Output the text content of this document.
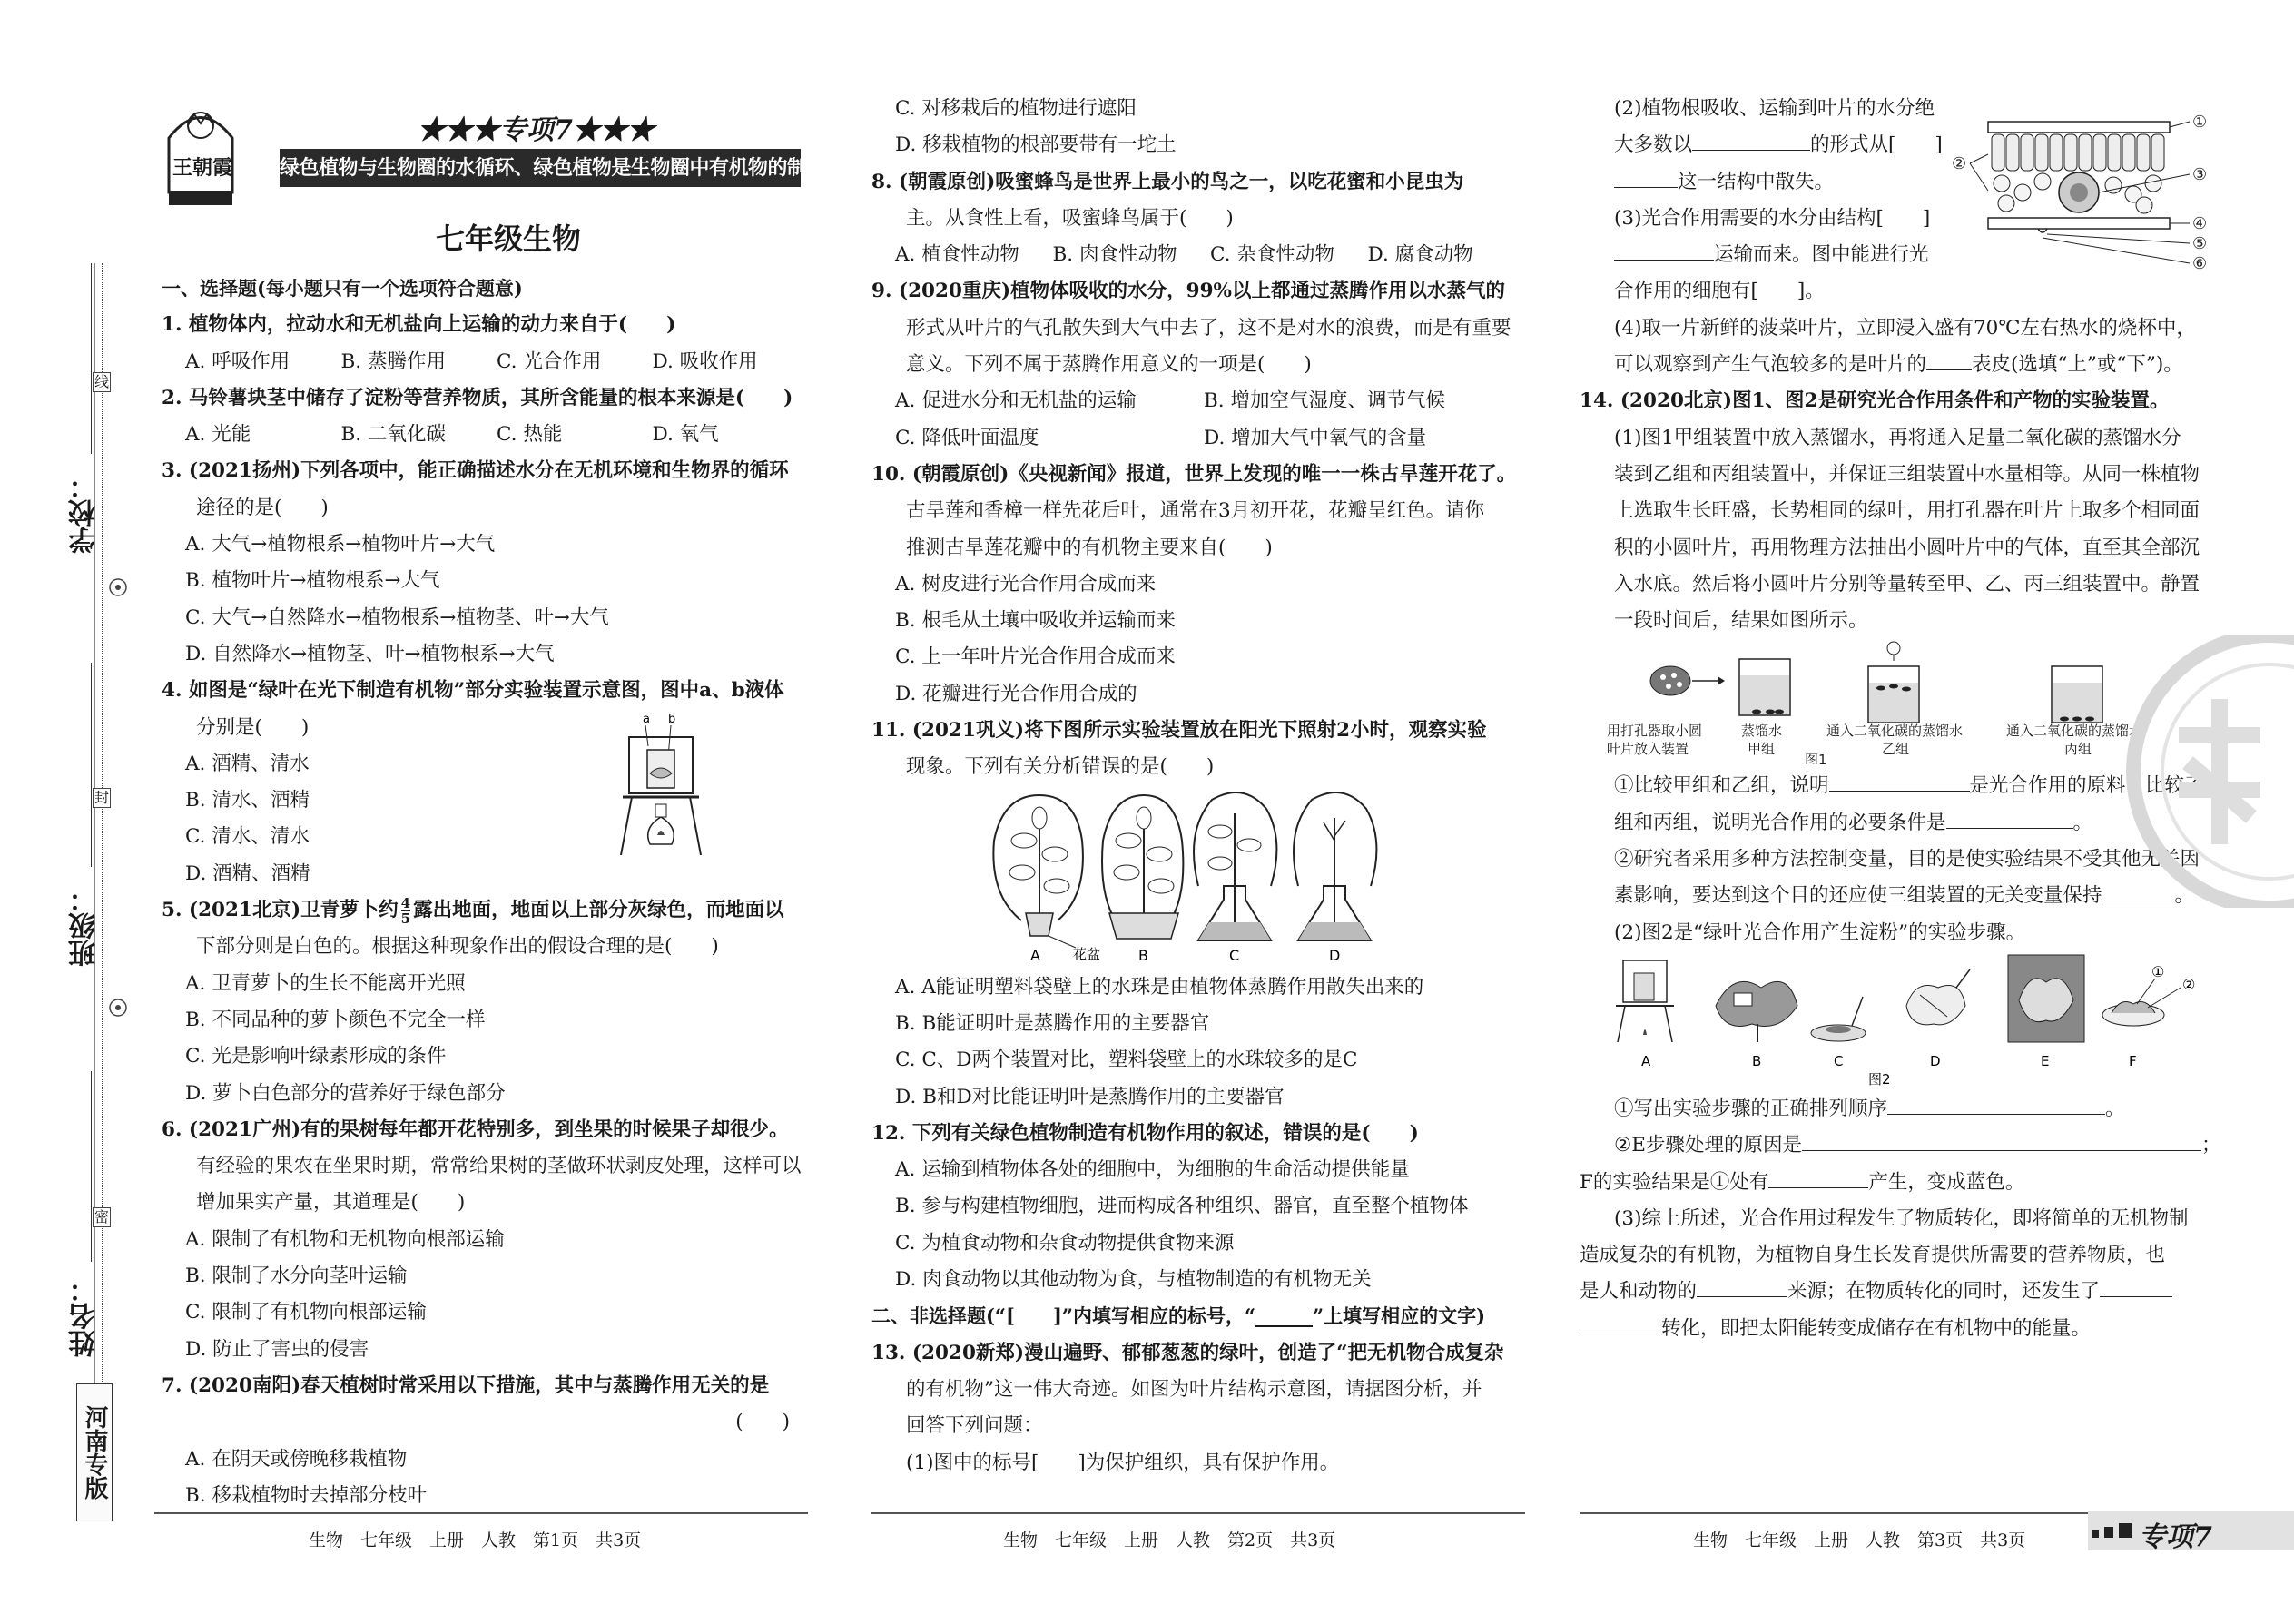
线
封
密
学校：
班级：
姓名：
河南专版
王朝霞
★★★专项7★★★
绿色植物与生物圈的水循环、绿色植物是生物圈中有机物的制造者
七年级生物
一、选择题(每小题只有一个选项符合题意)
1. 植物体内，拉动水和无机盐向上运输的动力来自于(　　)
A. 呼吸作用	B. 蒸腾作用	C. 光合作用	D. 吸收作用
2. 马铃薯块茎中储存了淀粉等营养物质，其所含能量的根本来源是(　　)
A. 光能	B. 二氧化碳	C. 热能	D. 氧气
3. (2021扬州)下列各项中，能正确描述水分在无机环境和生物界的循环
途径的是(　　)
A. 大气→植物根系→植物叶片→大气
B. 植物叶片→植物根系→大气
C. 大气→自然降水→植物根系→植物茎、叶→大气
D. 自然降水→植物茎、叶→植物根系→大气
4. 如图是“绿叶在光下制造有机物”部分实验装置示意图，图中a、b液体
分别是(　　)
A. 酒精、清水
B. 清水、酒精
C. 清水、清水
D. 酒精、酒精
a b
5. (2021北京)卫青萝卜约 $\frac{4}{5}$ 露出地面，地面以上部分灰绿色，而地面以
下部分则是白色的。根据这种现象作出的假设合理的是(　　)
A. 卫青萝卜的生长不能离开光照
B. 不同品种的萝卜颜色不完全一样
C. 光是影响叶绿素形成的条件
D. 萝卜白色部分的营养好于绿色部分
6. (2021广州)有的果树每年都开花特别多，到坐果的时候果子却很少。
有经验的果农在坐果时期，常常给果树的茎做环状剥皮处理，这样可以
增加果实产量，其道理是(　　)
A. 限制了有机物和无机物向根部运输
B. 限制了水分向茎叶运输
C. 限制了有机物向根部运输
D. 防止了害虫的侵害
7. (2020南阳)春天植树时常采用以下措施，其中与蒸腾作用无关的是
(　　)
A. 在阴天或傍晚移栽植物
B. 移栽植物时去掉部分枝叶
C. 对移栽后的植物进行遮阳
D. 移栽植物的根部要带有一坨土
8. (朝霞原创)吸蜜蜂鸟是世界上最小的鸟之一，以吃花蜜和小昆虫为
主。从食性上看，吸蜜蜂鸟属于(　　)
A. 植食性动物	B. 肉食性动物	C. 杂食性动物	D. 腐食动物
9. (2020重庆)植物体吸收的水分，99%以上都通过蒸腾作用以水蒸气的
形式从叶片的气孔散失到大气中去了，这不是对水的浪费，而是有重要
意义。下列不属于蒸腾作用意义的一项是(　　)
A. 促进水分和无机盐的运输	B. 增加空气湿度、调节气候
C. 降低叶面温度	D. 增加大气中氧气的含量
10. (朝霞原创)《央视新闻》报道，世界上发现的唯一一株古旱莲开花了。
古旱莲和香樟一样先花后叶，通常在3月初开花，花瓣呈红色。请你
推测古旱莲花瓣中的有机物主要来自(　　)
A. 树皮进行光合作用合成而来
B. 根毛从土壤中吸收并运输而来
C. 上一年叶片光合作用合成而来
D. 花瓣进行光合作用合成的
11. (2021巩义)将下图所示实验装置放在阳光下照射2小时，观察实验
现象。下列有关分析错误的是(　　)
A 花盆	B	C	D
A. A能证明塑料袋壁上的水珠是由植物体蒸腾作用散失出来的
B. B能证明叶是蒸腾作用的主要器官
C. C、D两个装置对比，塑料袋壁上的水珠较多的是C
D. B和D对比能证明叶是蒸腾作用的主要器官
12. 下列有关绿色植物制造有机物作用的叙述，错误的是(　　)
A. 运输到植物体各处的细胞中，为细胞的生命活动提供能量
B. 参与构建植物细胞，进而构成各种组织、器官，直至整个植物体
C. 为植食动物和杂食动物提供食物来源
D. 肉食动物以其他动物为食，与植物制造的有机物无关
二、非选择题(“[　　]”内填写相应的标号，“______”上填写相应的文字)
13. (2020新郑)漫山遍野、郁郁葱葱的绿叶，创造了“把无机物合成复杂
的有机物”这一伟大奇迹。如图为叶片结构示意图，请据图分析，并
回答下列问题：
(1)图中的标号[　　]为保护组织，具有保护作用。
(2)植物根吸收、运输到叶片的水分绝
大多数以	的形式从[　　]
这一结构中散失。
(3)光合作用需要的水分由结构[　　]
运输而来。图中能进行光
合作用的细胞有[　　]。
①
②
③
④
⑤
⑥
(4)取一片新鲜的菠菜叶片，立即浸入盛有70℃左右热水的烧杯中，
可以观察到产生气泡较多的是叶片的 表皮(选填“上”或“下”)。
14. (2020北京)图1、图2是研究光合作用条件和产物的实验装置。
(1)图1甲组装置中放入蒸馏水，再将通入足量二氧化碳的蒸馏水分
装到乙组和丙组装置中，并保证三组装置中水量相等。从同一株植物
上选取生长旺盛，长势相同的绿叶，用打孔器在叶片上取多个相同面
积的小圆叶片，再用物理方法抽出小圆叶片中的气体，直至其全部沉
入水底。然后将小圆叶片分别等量转至甲、乙、丙三组装置中。静置
一段时间后，结果如图所示。
用打孔器取小圆
叶片放入装置
蒸馏水
甲组
通入二氧化碳的蒸馏水
乙组
图1
通入二氧化碳的蒸馏水
丙组
①比较甲组和乙组，说明	是光合作用的原料；比较乙
组和丙组，说明光合作用的必要条件是	。
②研究者采用多种方法控制变量，目的是使实验结果不受其他无关因
素影响，要达到这个目的还应使三组装置的无关变量保持	。
(2)图2是“绿叶光合作用产生淀粉”的实验步骤。
A	B	C	D	E
①
②
F
图2
①写出实验步骤的正确排列顺序	。
②E步骤处理的原因是	；
F的实验结果是①处有	产生，变成蓝色。
(3)综上所述，光合作用过程发生了物质转化，即将简单的无机物制
造成复杂的有机物，为植物自身生长发育提供所需要的营养物质，也
是人和动物的	来源；在物质转化的同时，还发生了
转化，即把太阳能转变成储存在有机物中的能量。
生物　七年级　上册　人教　第1页　共3页	生物　七年级　上册　人教　第2页　共3页	生物　七年级　上册　人教　第3页　共3页	专项7
